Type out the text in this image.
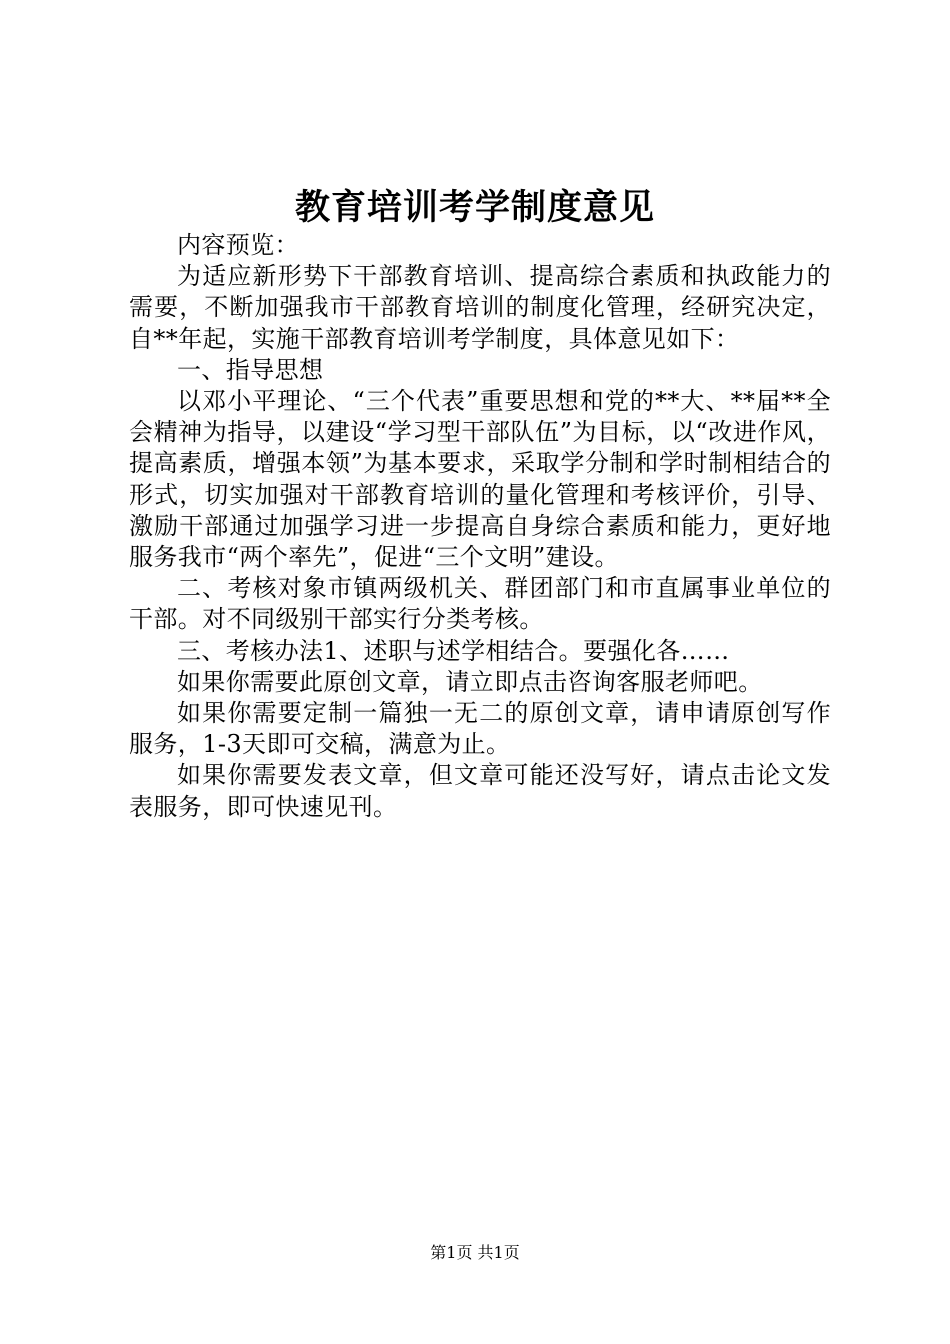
教育培训考学制度意见

内容预览：

为适应新形势下干部教育培训、提高综合素质和执政能力的需要，不断加强我市干部教育培训的制度化管理，经研究决定，自**年起，实施干部教育培训考学制度，具体意见如下：

一、指导思想

以邓小平理论、“三个代表”重要思想和党的**大、**届**全会精神为指导，以建设“学习型干部队伍”为目标，以“改进作风，提高素质，增强本领”为基本要求，采取学分制和学时制相结合的形式，切实加强对干部教育培训的量化管理和考核评价，引导、激励干部通过加强学习进一步提高自身综合素质和能力，更好地服务我市“两个率先”，促进“三个文明”建设。

二、考核对象市镇两级机关、群团部门和市直属事业单位的干部。对不同级别干部实行分类考核。

三、考核办法1、述职与述学相结合。要强化各……

如果你需要此原创文章，请立即点击咨询客服老师吧。

如果你需要定制一篇独一无二的原创文章，请申请原创写作服务，1-3天即可交稿，满意为止。

如果你需要发表文章，但文章可能还没写好，请点击论文发表服务，即可快速见刊。

第1页 共1页
